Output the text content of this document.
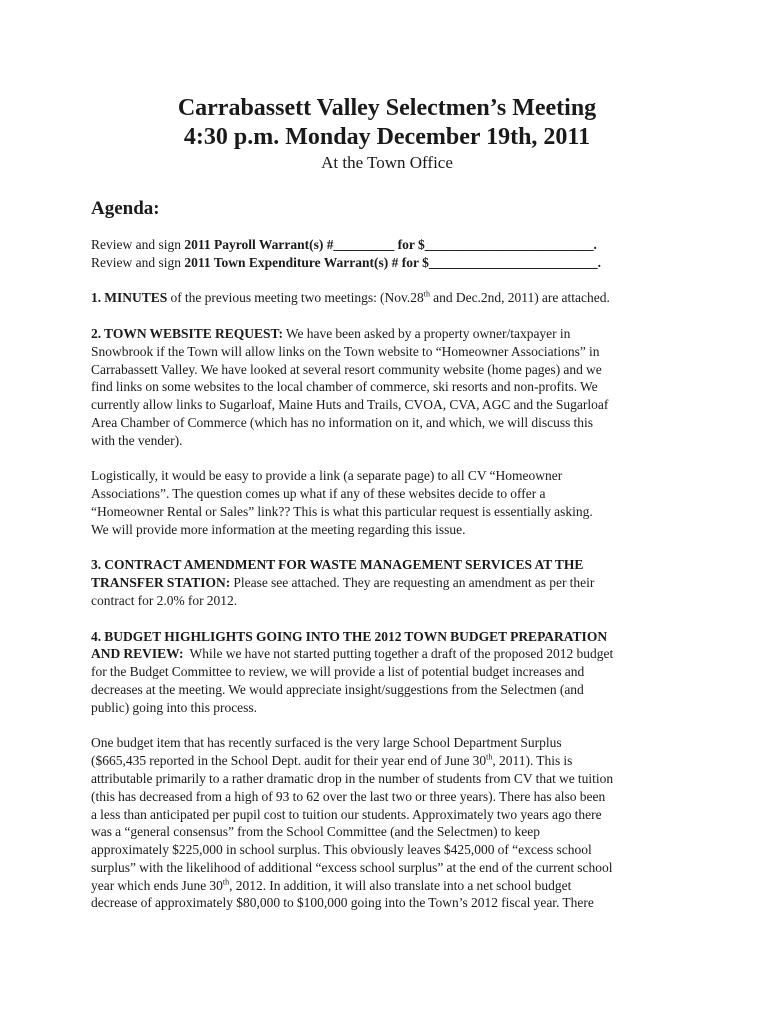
Carrabassett Valley Selectmen’s Meeting
4:30 p.m. Monday December 19th, 2011

At the Town Office

Agenda:

Review and sign 2011 Payroll Warrant(s) #_________ for $_________________________.

Review and sign 2011 Town Expenditure Warrant(s) # for $_________________________.

1. MINUTES of the previous meeting two meetings: (Nov.28th and Dec.2nd, 2011) are attached.

2. TOWN WEBSITE REQUEST: We have been asked by a property owner/taxpayer in
Snowbrook if the Town will allow links on the Town website to “Homeowner Associations” in
Carrabassett Valley. We have looked at several resort community website (home pages) and we
find links on some websites to the local chamber of commerce, ski resorts and non-profits. We
currently allow links to Sugarloaf, Maine Huts and Trails, CVOA, CVA, AGC and the Sugarloaf
Area Chamber of Commerce (which has no information on it, and which, we will discuss this
with the vender).

Logistically, it would be easy to provide a link (a separate page) to all CV “Homeowner
Associations”. The question comes up what if any of these websites decide to offer a
“Homeowner Rental or Sales” link?? This is what this particular request is essentially asking.
We will provide more information at the meeting regarding this issue.

3. CONTRACT AMENDMENT FOR WASTE MANAGEMENT SERVICES AT THE
TRANSFER STATION: Please see attached. They are requesting an amendment as per their
contract for 2.0% for 2012.

4. BUDGET HIGHLIGHTS GOING INTO THE 2012 TOWN BUDGET PREPARATION
AND REVIEW:  While we have not started putting together a draft of the proposed 2012 budget
for the Budget Committee to review, we will provide a list of potential budget increases and
decreases at the meeting. We would appreciate insight/suggestions from the Selectmen (and
public) going into this process.

One budget item that has recently surfaced is the very large School Department Surplus
($665,435 reported in the School Dept. audit for their year end of June 30th, 2011). This is
attributable primarily to a rather dramatic drop in the number of students from CV that we tuition
(this has decreased from a high of 93 to 62 over the last two or three years). There has also been
a less than anticipated per pupil cost to tuition our students. Approximately two years ago there
was a “general consensus” from the School Committee (and the Selectmen) to keep
approximately $225,000 in school surplus. This obviously leaves $425,000 of “excess school
surplus” with the likelihood of additional “excess school surplus” at the end of the current school
year which ends June 30th, 2012. In addition, it will also translate into a net school budget
decrease of approximately $80,000 to $100,000 going into the Town’s 2012 fiscal year. There
